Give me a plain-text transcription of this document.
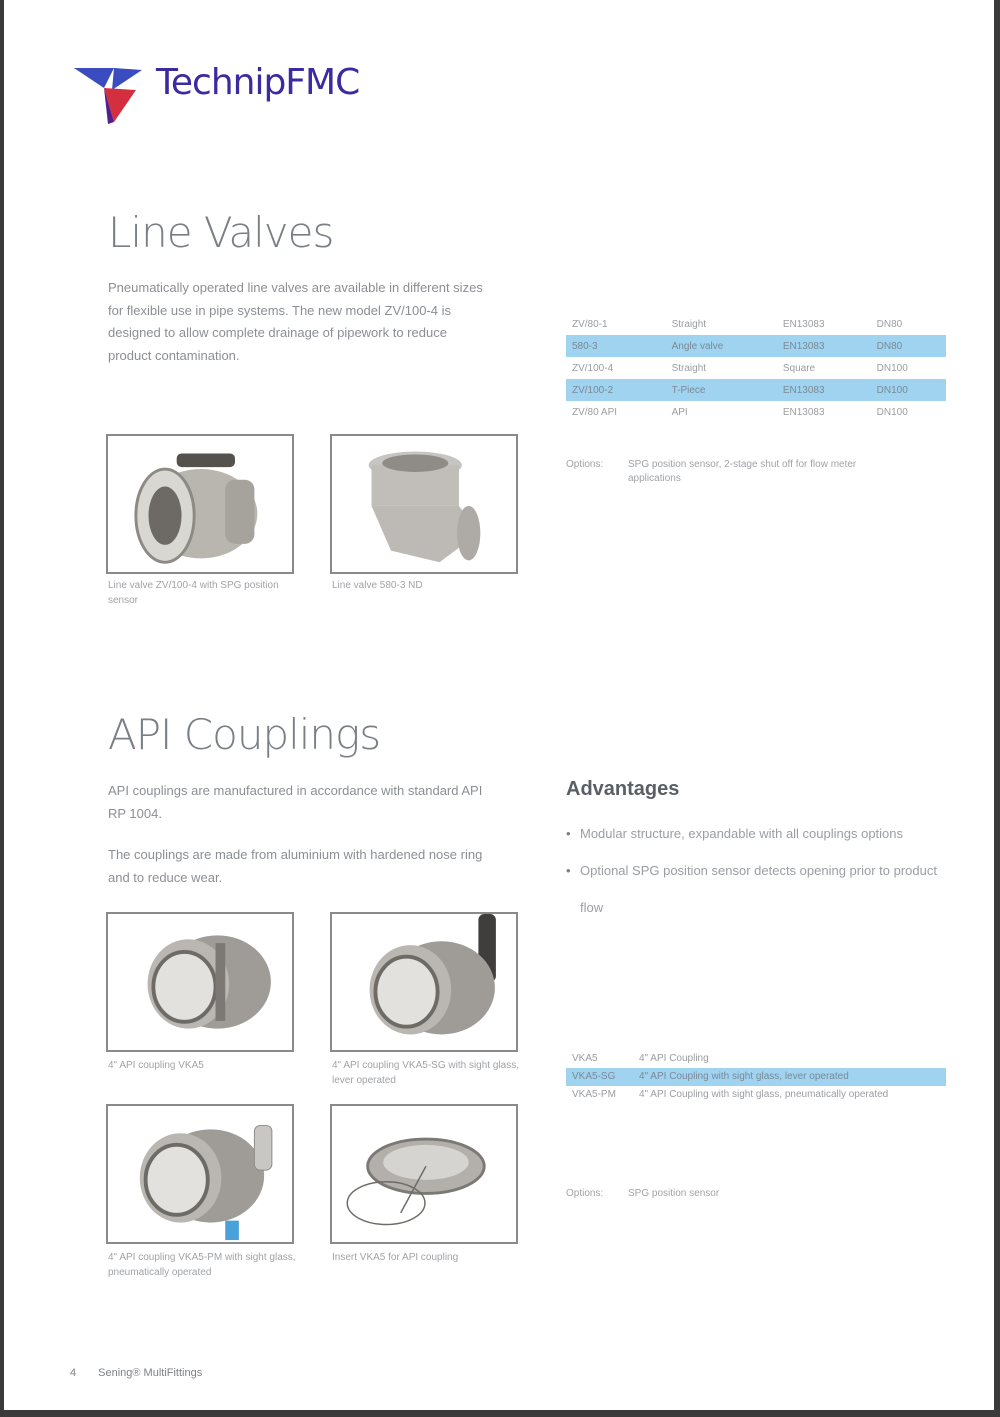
TechnipFMC
Line Valves
Pneumatically operated line valves are available in different sizes for flexible use in pipe systems. The new model ZV/100-4 is designed to allow complete drainage of pipework to reduce product contamination.
ZV/80-1	Straight	EN13083	DN80
580-3	Angle valve	EN13083	DN80
ZV/100-4	Straight	Square	DN100
ZV/100-2	T-Piece	EN13083	DN100
ZV/80 API	API	EN13083	DN100
Options: SPG position sensor, 2-stage shut off for flow meter applications
Line valve ZV/100-4 with SPG position sensor
Line valve 580-3 ND
API Couplings
API couplings are manufactured in accordance with standard API RP 1004.
The couplings are made from aluminium with hardened nose ring and to reduce wear.
Advantages
• Modular structure, expandable with all couplings options
• Optional SPG position sensor detects opening prior to product flow
VKA5	4" API Coupling
VKA5-SG	4" API Coupling with sight glass, lever operated
VKA5-PM	4" API Coupling with sight glass, pneumatically operated
Options: SPG position sensor
4" API coupling VKA5	4" API coupling VKA5-SG with sight glass, lever operated
4" API coupling VKA5-PM with sight glass, pneumatically operated
Insert VKA5 for API coupling
4 Sening® MultiFittings
